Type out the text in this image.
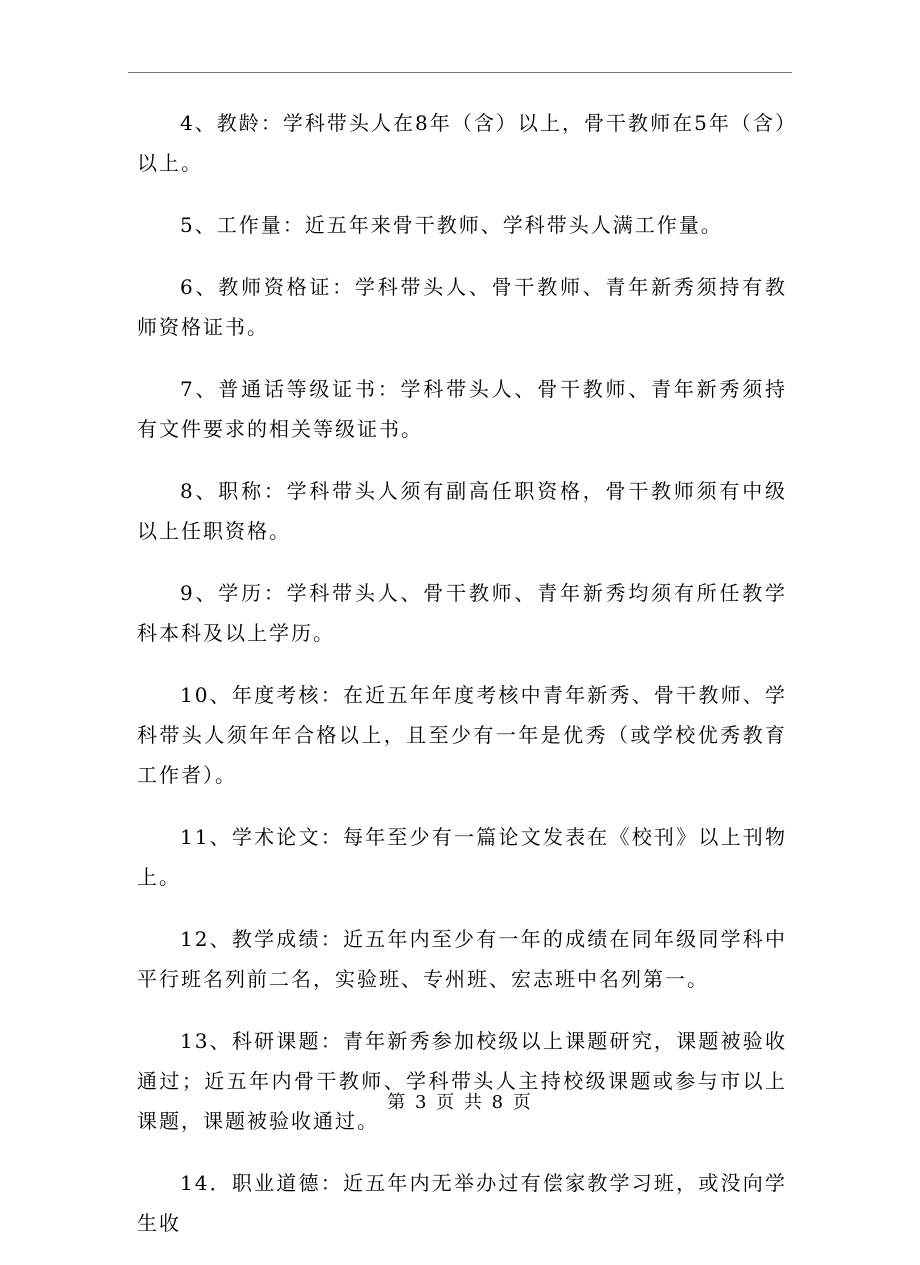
4、教龄：学科带头人在8年（含）以上，骨干教师在5年（含）以上。

5、工作量：近五年来骨干教师、学科带头人满工作量。

6、教师资格证：学科带头人、骨干教师、青年新秀须持有教师资格证书。

7、普通话等级证书：学科带头人、骨干教师、青年新秀须持有文件要求的相关等级证书。

8、职称：学科带头人须有副高任职资格，骨干教师须有中级以上任职资格。

9、学历：学科带头人、骨干教师、青年新秀均须有所任教学科本科及以上学历。

10、年度考核：在近五年年度考核中青年新秀、骨干教师、学科带头人须年年合格以上，且至少有一年是优秀（或学校优秀教育工作者）。

11、学术论文：每年至少有一篇论文发表在《校刊》以上刊物上。

12、教学成绩：近五年内至少有一年的成绩在同年级同学科中平行班名列前二名，实验班、专州班、宏志班中名列第一。

13、科研课题：青年新秀参加校级以上课题研究，课题被验收通过；近五年内骨干教师、学科带头人主持校级课题或参与市以上课题，课题被验收通过。

14．职业道德：近五年内无举办过有偿家教学习班，或没向学生收

第 3 页 共 8 页
